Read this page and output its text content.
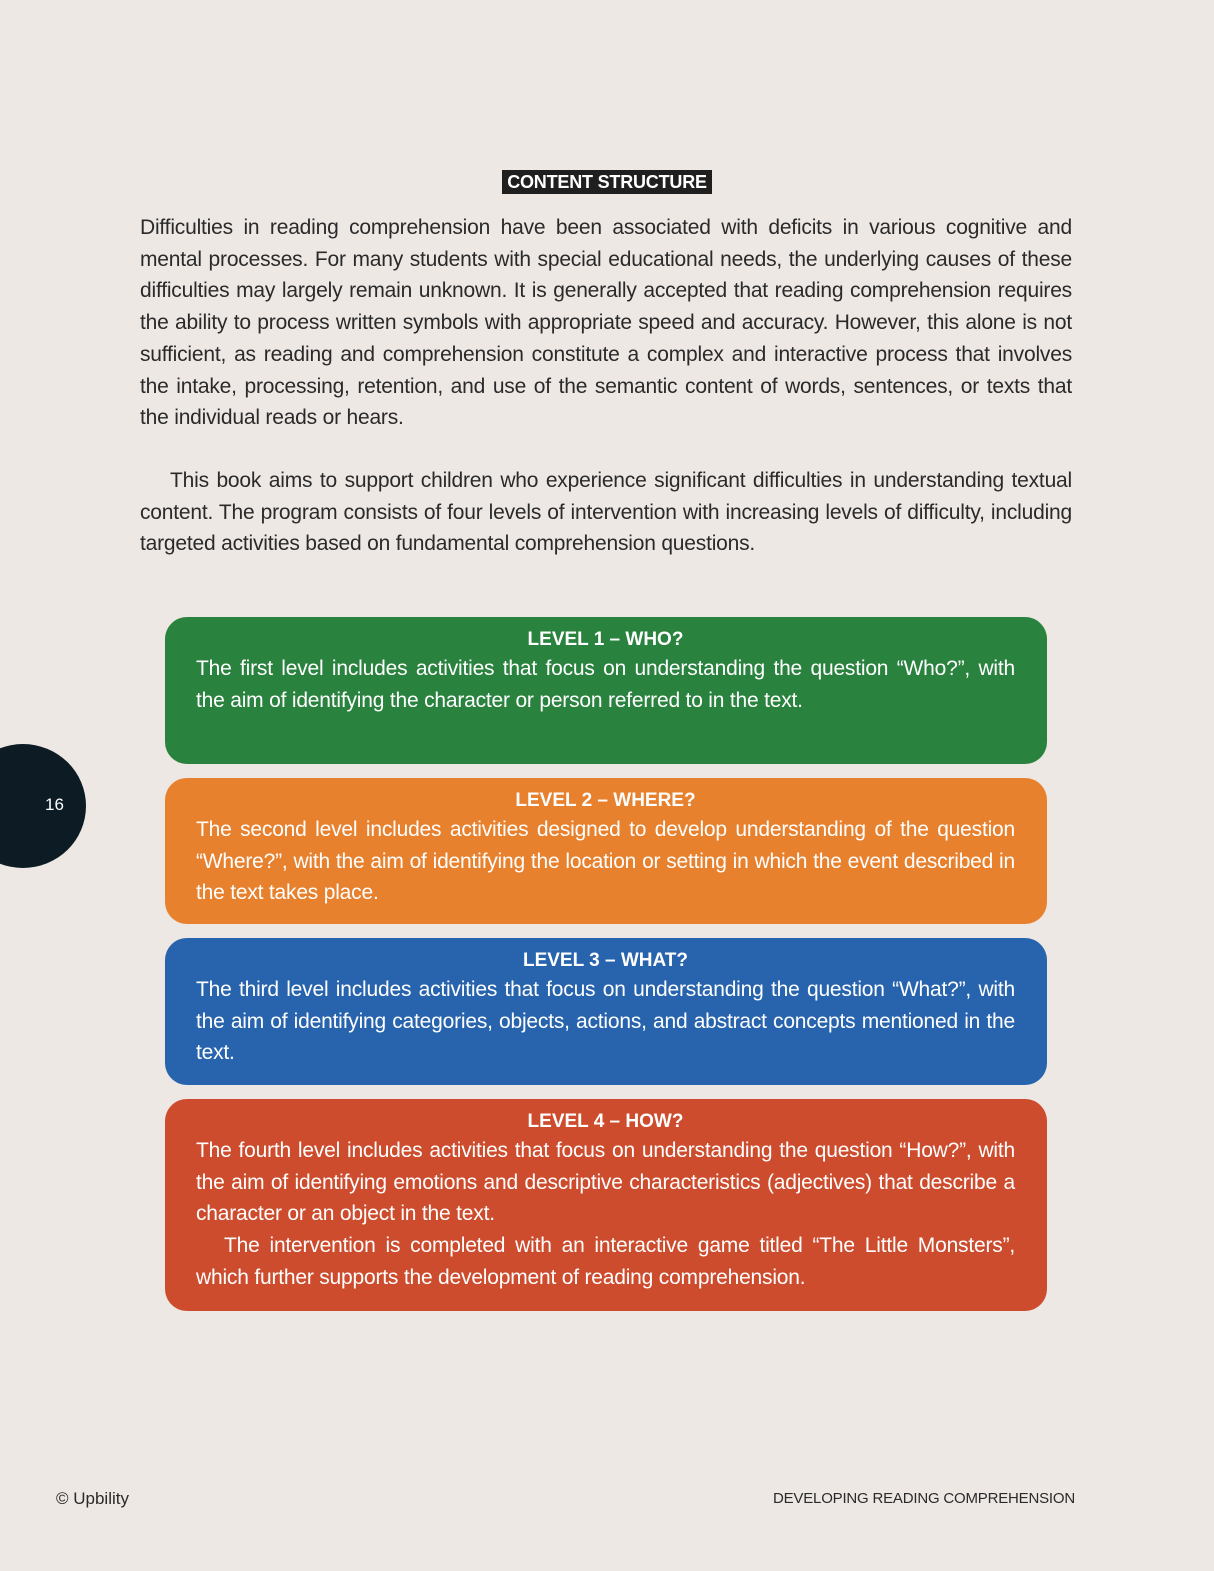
CONTENT STRUCTURE

Difficulties in reading comprehension have been associated with deficits in various cognitive and mental processes. For many students with special educational needs, the underlying causes of these difficulties may largely remain unknown. It is generally accepted that reading comprehension requires the ability to process written symbols with appropriate speed and accuracy. However, this alone is not sufficient, as reading and comprehension constitute a complex and interactive process that involves the intake, processing, retention, and use of the semantic content of words, sentences, or texts that the individual reads or hears.

This book aims to support children who experience significant difficulties in understanding textual content. The program consists of four levels of intervention with increasing levels of difficulty, including targeted activities based on fundamental comprehension questions.

LEVEL 1 – WHO?

The first level includes activities that focus on understanding the question “Who?”, with the aim of identifying the character or person referred to in the text.

LEVEL 2 – WHERE?

The second level includes activities designed to develop understanding of the question “Where?”, with the aim of identifying the location or setting in which the event described in the text takes place.

LEVEL 3 – WHAT?

The third level includes activities that focus on understanding the question “What?”, with the aim of identifying categories, objects, actions, and abstract concepts mentioned in the text.

LEVEL 4 – HOW?

The fourth level includes activities that focus on understanding the question “How?”, with the aim of identifying emotions and descriptive characteristics (adjectives) that describe a character or an object in the text.

The intervention is completed with an interactive game titled “The Little Monsters”, which further supports the development of reading comprehension.

16
© Upbility	DEVELOPING READING COMPREHENSION
